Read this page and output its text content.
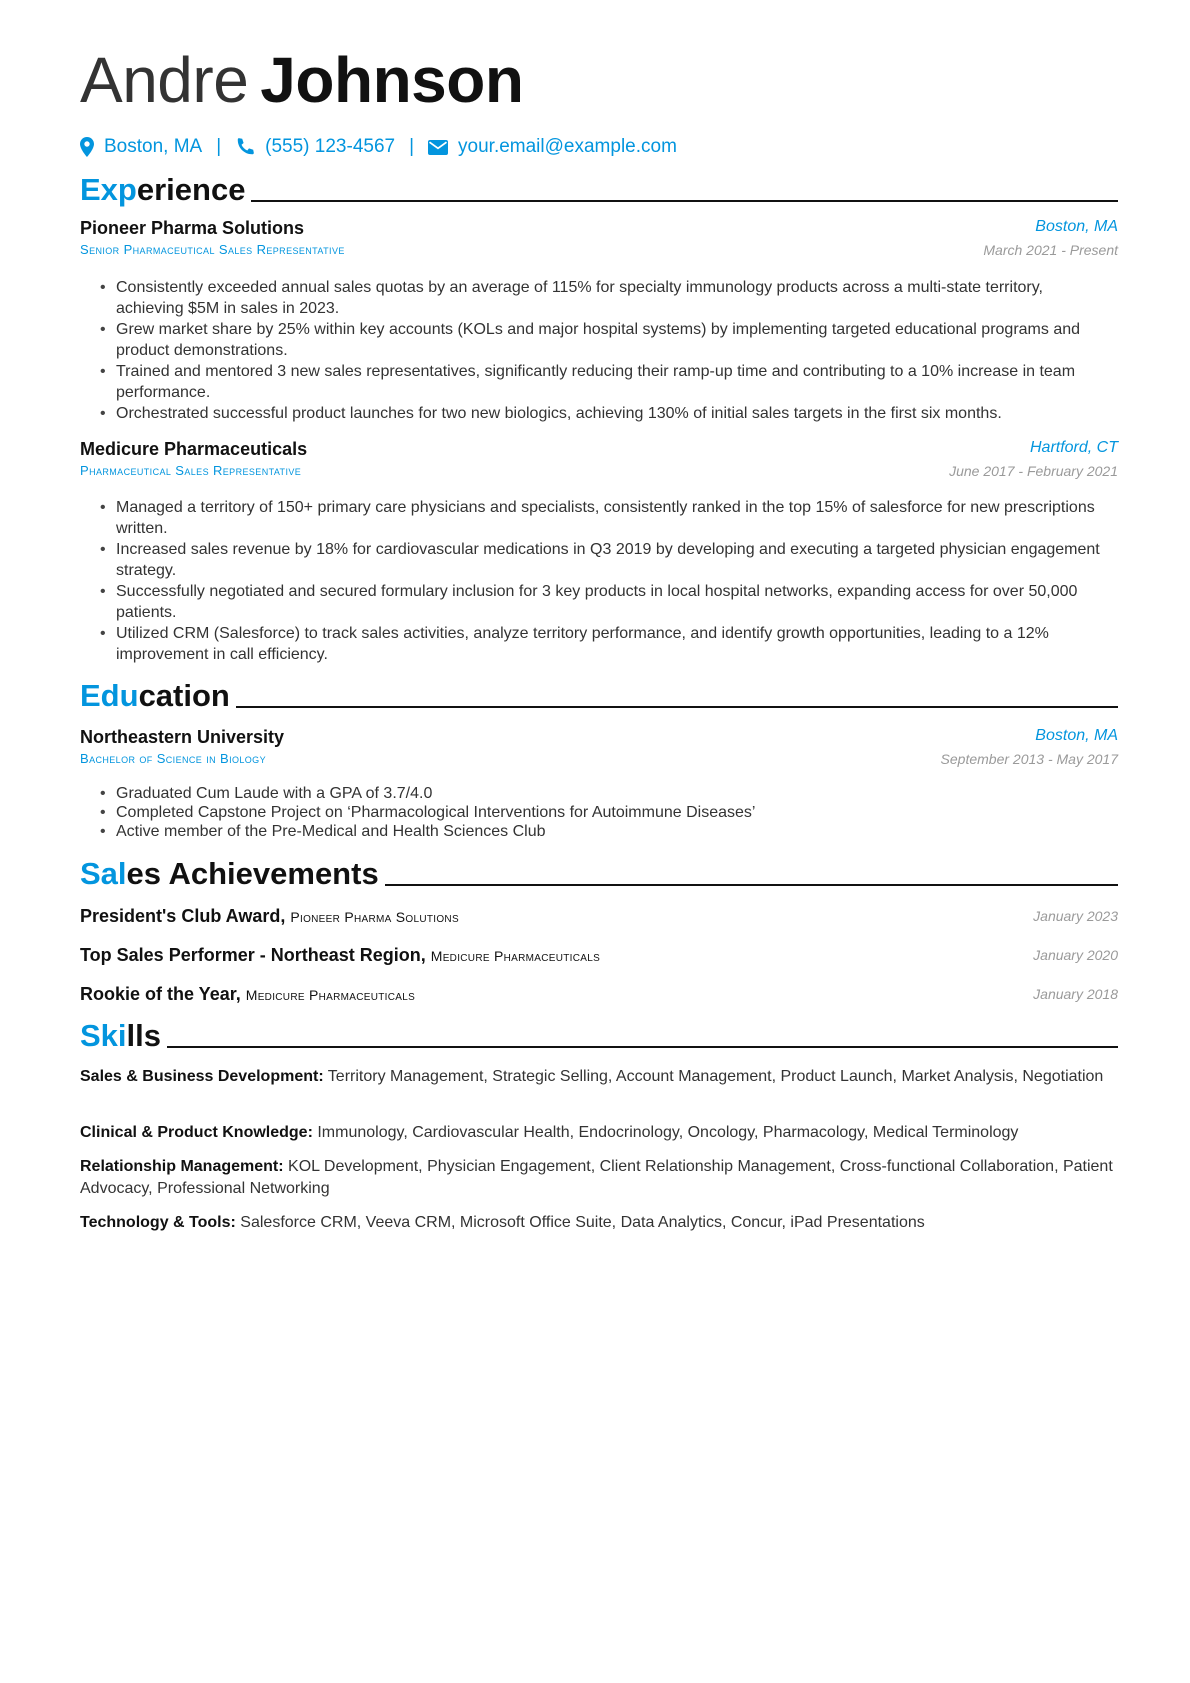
Andre Johnson
Boston, MA | (555) 123-4567 | your.email@example.com
Experience
Pioneer Pharma Solutions	Boston, MA
Senior Pharmaceutical Sales Representative	March 2021 - Present
• Consistently exceeded annual sales quotas by an average of 115% for specialty immunology products across a multi-state territory, achieving $5M in sales in 2023.
• Grew market share by 25% within key accounts (KOLs and major hospital systems) by implementing targeted educational programs and product demonstrations.
• Trained and mentored 3 new sales representatives, significantly reducing their ramp-up time and contributing to a 10% increase in team performance.
• Orchestrated successful product launches for two new biologics, achieving 130% of initial sales targets in the first six months.
Medicure Pharmaceuticals	Hartford, CT
Pharmaceutical Sales Representative	June 2017 - February 2021
• Managed a territory of 150+ primary care physicians and specialists, consistently ranked in the top 15% of salesforce for new prescriptions written.
• Increased sales revenue by 18% for cardiovascular medications in Q3 2019 by developing and executing a targeted physician engagement strategy.
• Successfully negotiated and secured formulary inclusion for 3 key products in local hospital networks, expanding access for over 50,000 patients.
• Utilized CRM (Salesforce) to track sales activities, analyze territory performance, and identify growth opportunities, leading to a 12% improvement in call efficiency.
Education
Northeastern University	Boston, MA
Bachelor of Science in Biology	September 2013 - May 2017
• Graduated Cum Laude with a GPA of 3.7/4.0
• Completed Capstone Project on ‘Pharmacological Interventions for Autoimmune Diseases’
• Active member of the Pre-Medical and Health Sciences Club
Sales Achievements
President's Club Award, Pioneer Pharma Solutions	January 2023
Top Sales Performer - Northeast Region, Medicure Pharmaceuticals	January 2020
Rookie of the Year, Medicure Pharmaceuticals	January 2018
Skills
Sales & Business Development: Territory Management, Strategic Selling, Account Management, Product Launch, Market Analysis, Negotiation
Clinical & Product Knowledge: Immunology, Cardiovascular Health, Endocrinology, Oncology, Pharmacology, Medical Terminology
Relationship Management: KOL Development, Physician Engagement, Client Relationship Management, Cross-functional Collaboration, Patient Advocacy, Professional Networking
Technology & Tools: Salesforce CRM, Veeva CRM, Microsoft Office Suite, Data Analytics, Concur, iPad Presentations
